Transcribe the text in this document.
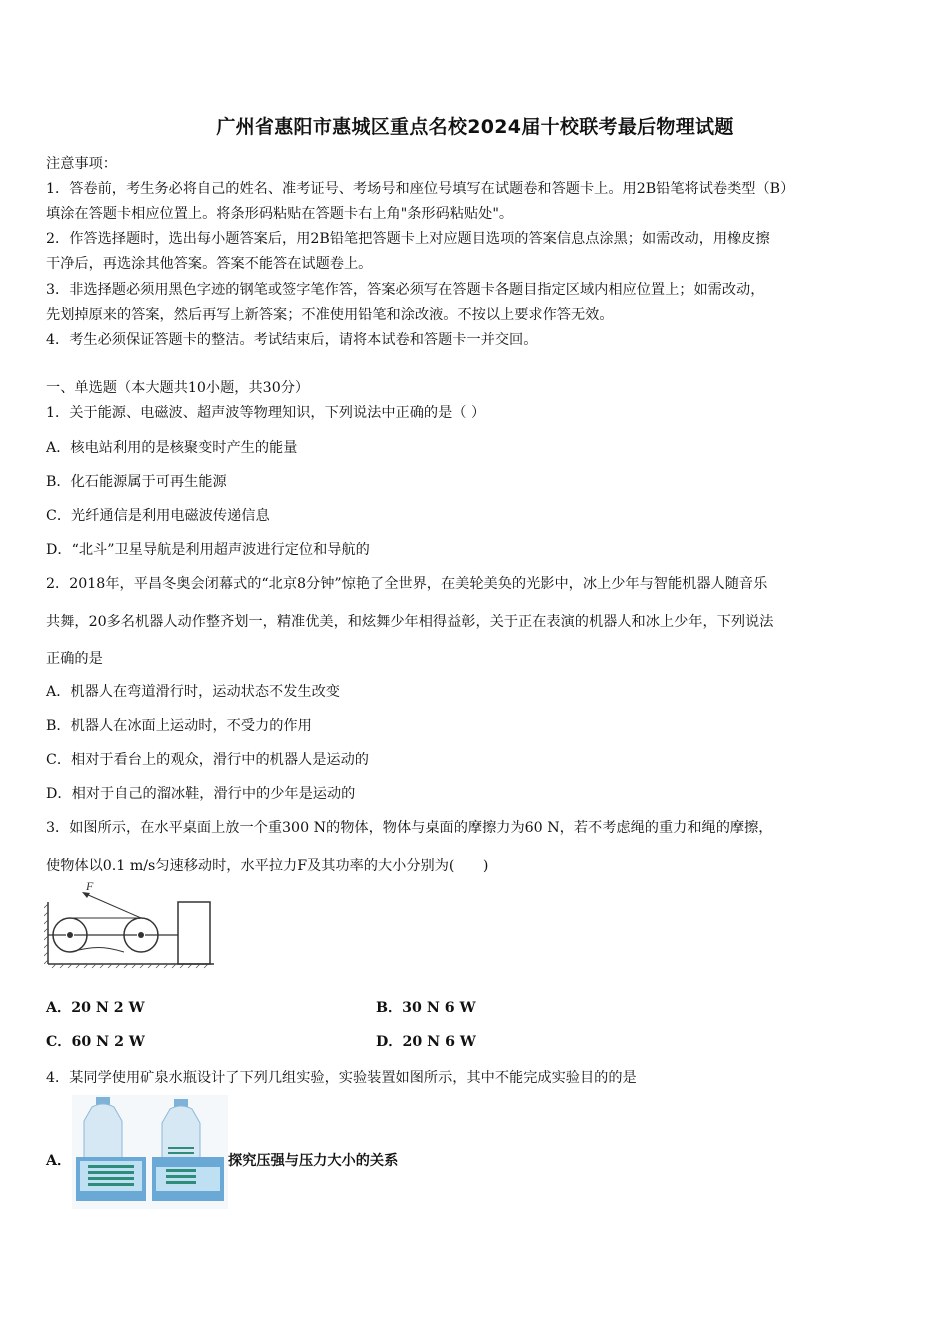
广州省惠阳市惠城区重点名校2024届十校联考最后物理试题
注意事项：
1．答卷前，考生务必将自己的姓名、准考证号、考场号和座位号填写在试题卷和答题卡上。用2B铅笔将试卷类型（B）
填涂在答题卡相应位置上。将条形码粘贴在答题卡右上角"条形码粘贴处"。
2．作答选择题时，选出每小题答案后，用2B铅笔把答题卡上对应题目选项的答案信息点涂黑；如需改动，用橡皮擦
干净后，再选涂其他答案。答案不能答在试题卷上。
3．非选择题必须用黑色字迹的钢笔或签字笔作答，答案必须写在答题卡各题目指定区域内相应位置上；如需改动，
先划掉原来的答案，然后再写上新答案；不准使用铅笔和涂改液。不按以上要求作答无效。
4．考生必须保证答题卡的整洁。考试结束后，请将本试卷和答题卡一并交回。
一、单选题（本大题共10小题，共30分）
1．关于能源、电磁波、超声波等物理知识，下列说法中正确的是（ ）
A．核电站利用的是核聚变时产生的能量
B．化石能源属于可再生能源
C．光纤通信是利用电磁波传递信息
D．“北斗”卫星导航是利用超声波进行定位和导航的
2．2018年，平昌冬奥会闭幕式的“北京8分钟”惊艳了全世界，在美轮美奂的光影中，冰上少年与智能机器人随音乐
共舞，20多名机器人动作整齐划一，精准优美，和炫舞少年相得益彰，关于正在表演的机器人和冰上少年，下列说法
正确的是
A．机器人在弯道滑行时，运动状态不发生改变
B．机器人在冰面上运动时，不受力的作用
C．相对于看台上的观众，滑行中的机器人是运动的
D．相对于自己的溜冰鞋，滑行中的少年是运动的
3．如图所示，在水平桌面上放一个重300 N的物体，物体与桌面的摩擦力为60 N，若不考虑绳的重力和绳的摩擦，
使物体以0.1 m/s匀速移动时，水平拉力F及其功率的大小分别为(　　)
F
A．20 N 2 W	B．30 N 6 W
C．60 N 2 W	D．20 N 6 W
4．某同学使用矿泉水瓶设计了下列几组实验，实验装置如图所示，其中不能完成实验目的的是
A．	探究压强与压力大小的关系
